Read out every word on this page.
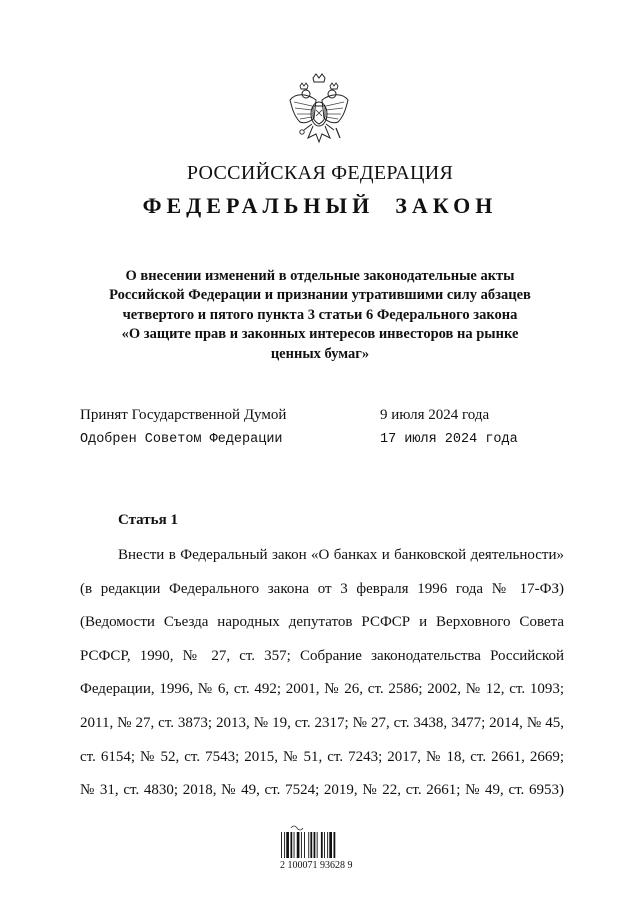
РОССИЙСКАЯ ФЕДЕРАЦИЯ
ФЕДЕРАЛЬНЫЙ  ЗАКОН
О внесении изменений в отдельные законодательные акты
Российской Федерации и признании утратившими силу абзацев
четвертого и пятого пункта 3 статьи 6 Федерального закона
«О защите прав и законных интересов инвесторов на рынке
ценных бумаг»
Принят Государственной Думой	9 июля 2024 года
Одобрен Советом Федерации	17 июля 2024 года
Статья 1
Внести в Федеральный закон «О банках и банковской деятельности»
(в редакции Федерального закона от 3 февраля 1996 года № 17-ФЗ)
(Ведомости Съезда народных депутатов РСФСР и Верховного Совета
РСФСР, 1990, № 27, ст. 357; Собрание законодательства Российской
Федерации, 1996, № 6, ст. 492; 2001, № 26, ст. 2586; 2002, № 12, ст. 1093;
2011, № 27, ст. 3873; 2013, № 19, ст. 2317; № 27, ст. 3438, 3477; 2014, № 45,
ст. 6154; № 52, ст. 7543; 2015, № 51, ст. 7243; 2017, № 18, ст. 2661, 2669;
№ 31, ст. 4830; 2018, № 49, ст. 7524; 2019, № 22, ст. 2661; № 49, ст. 6953)
2 100071 93628 9
